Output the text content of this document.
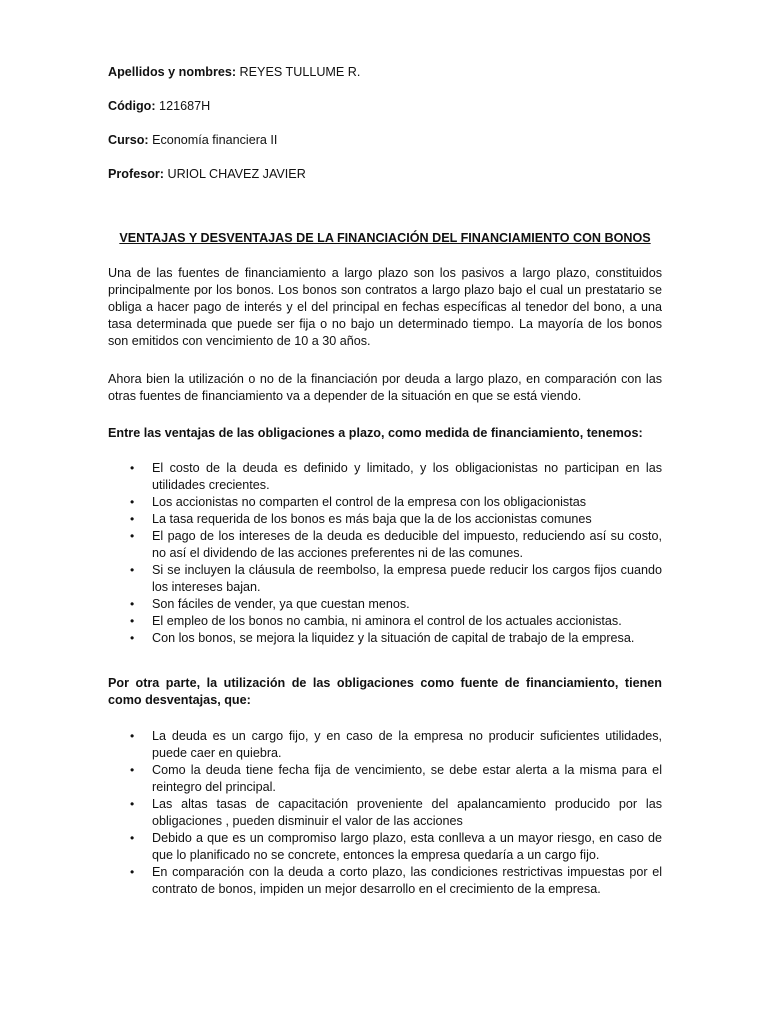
Apellidos y nombres: REYES TULLUME R.
Código: 121687H
Curso: Economía financiera II
Profesor: URIOL CHAVEZ JAVIER
VENTAJAS Y DESVENTAJAS DE LA FINANCIACIÓN DEL FINANCIAMIENTO CON BONOS

Una de las fuentes de financiamiento a largo plazo son los pasivos a largo plazo, constituidos principalmente por los bonos. Los bonos son contratos a largo plazo bajo el cual un prestatario se obliga a hacer pago de interés y el del principal en fechas específicas al tenedor del bono, a una tasa determinada que puede ser fija o no bajo un determinado tiempo. La mayoría de los bonos son emitidos con vencimiento de 10 a 30 años.

Ahora bien la utilización o no de la financiación por deuda a largo plazo, en comparación con las otras fuentes de financiamiento va a depender de la situación en que se está viendo.

Entre las ventajas de las obligaciones a plazo, como medida de financiamiento, tenemos:

•	El costo de la deuda es definido y limitado, y los obligacionistas no participan en las utilidades crecientes.
•	Los accionistas no comparten el control de la empresa con los obligacionistas
•	La tasa requerida de los bonos es más baja que la de los accionistas comunes
•	El pago de los intereses de la deuda es deducible del impuesto, reduciendo así su costo, no así el dividendo de las acciones preferentes ni de las comunes.
•	Si se incluyen la cláusula de reembolso, la empresa puede reducir los cargos fijos cuando los intereses bajan.
•	Son fáciles de vender, ya que cuestan menos.
•	El empleo de los bonos no cambia, ni aminora el control de los actuales accionistas.
•	Con los bonos, se mejora la liquidez y la situación de capital de trabajo de la empresa.

Por otra parte, la utilización de las obligaciones como fuente de financiamiento, tienen como desventajas, que:

•	La deuda es un cargo fijo, y en caso de la empresa no producir suficientes utilidades, puede caer en quiebra.
•	Como la deuda tiene fecha fija de vencimiento, se debe estar alerta a la misma para el reintegro del principal.
•	Las altas tasas de capacitación proveniente del apalancamiento producido por las obligaciones , pueden disminuir el valor de las acciones
•	Debido a que es un compromiso largo plazo, esta conlleva a un mayor riesgo, en caso de que lo planificado no se concrete, entonces la empresa quedaría a un cargo fijo.
•	En comparación con la deuda a corto plazo, las condiciones restrictivas impuestas por el contrato de bonos, impiden un mejor desarrollo en el crecimiento de la empresa.
